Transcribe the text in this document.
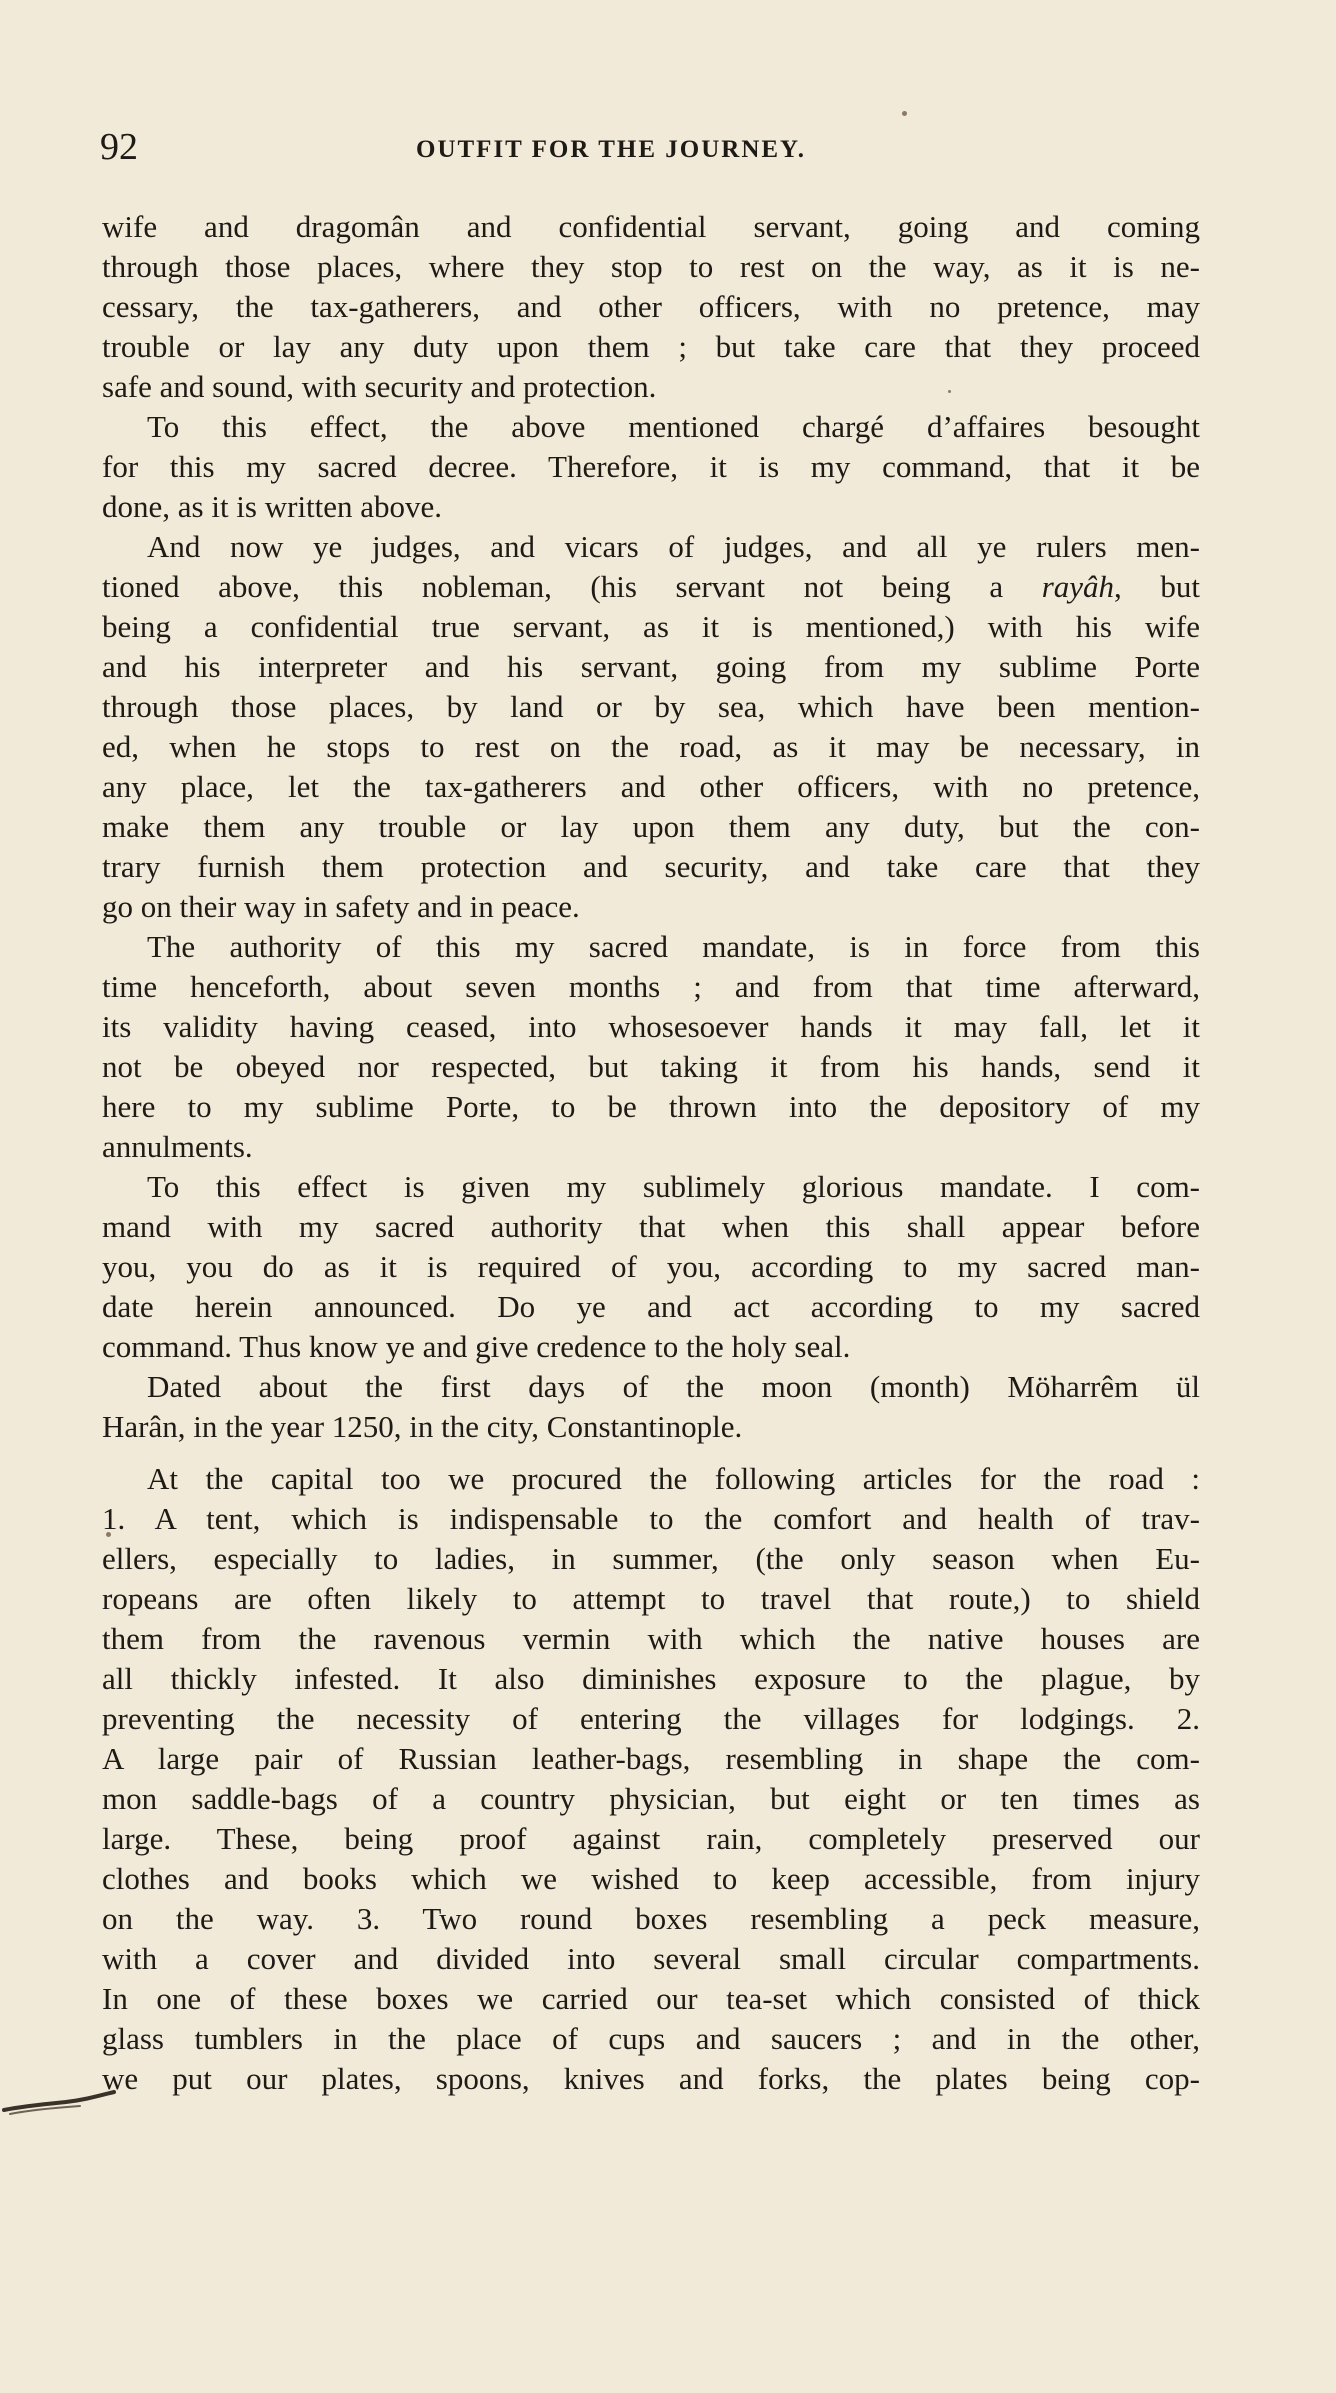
92	OUTFIT FOR THE JOURNEY.
wife and dragomân and confidential servant, going and coming
through those places, where they stop to rest on the way, as it is ne-
cessary, the tax-gatherers, and other officers, with no pretence, may
trouble or lay any duty upon them ; but take care that they proceed
safe and sound, with security and protection.
To this effect, the above mentioned chargé d’affaires besought
for this my sacred decree. Therefore, it is my command, that it be
done, as it is written above.
And now ye judges, and vicars of judges, and all ye rulers men-
tioned above, this nobleman, (his servant not being a rayâh, but
being a confidential true servant, as it is mentioned,) with his wife
and his interpreter and his servant, going from my sublime Porte
through those places, by land or by sea, which have been mention-
ed, when he stops to rest on the road, as it may be necessary, in
any place, let the tax-gatherers and other officers, with no pretence,
make them any trouble or lay upon them any duty, but the con-
trary furnish them protection and security, and take care that they
go on their way in safety and in peace.
The authority of this my sacred mandate, is in force from this
time henceforth, about seven months ; and from that time afterward,
its validity having ceased, into whosesoever hands it may fall, let it
not be obeyed nor respected, but taking it from his hands, send it
here to my sublime Porte, to be thrown into the depository of my
annulments.
To this effect is given my sublimely glorious mandate. I com-
mand with my sacred authority that when this shall appear before
you, you do as it is required of you, according to my sacred man-
date herein announced. Do ye and act according to my sacred
command. Thus know ye and give credence to the holy seal.
Dated about the first days of the moon (month) Möharrêm ül
Harân, in the year 1250, in the city, Constantinople.
At the capital too we procured the following articles for the road :
1. A tent, which is indispensable to the comfort and health of trav-
ellers, especially to ladies, in summer, (the only season when Eu-
ropeans are often likely to attempt to travel that route,) to shield
them from the ravenous vermin with which the native houses are
all thickly infested. It also diminishes exposure to the plague, by
preventing the necessity of entering the villages for lodgings. 2.
A large pair of Russian leather-bags, resembling in shape the com-
mon saddle-bags of a country physician, but eight or ten times as
large. These, being proof against rain, completely preserved our
clothes and books which we wished to keep accessible, from injury
on the way. 3. Two round boxes resembling a peck measure,
with a cover and divided into several small circular compartments.
In one of these boxes we carried our tea-set which consisted of thick
glass tumblers in the place of cups and saucers ; and in the other,
we put our plates, spoons, knives and forks, the plates being cop-
